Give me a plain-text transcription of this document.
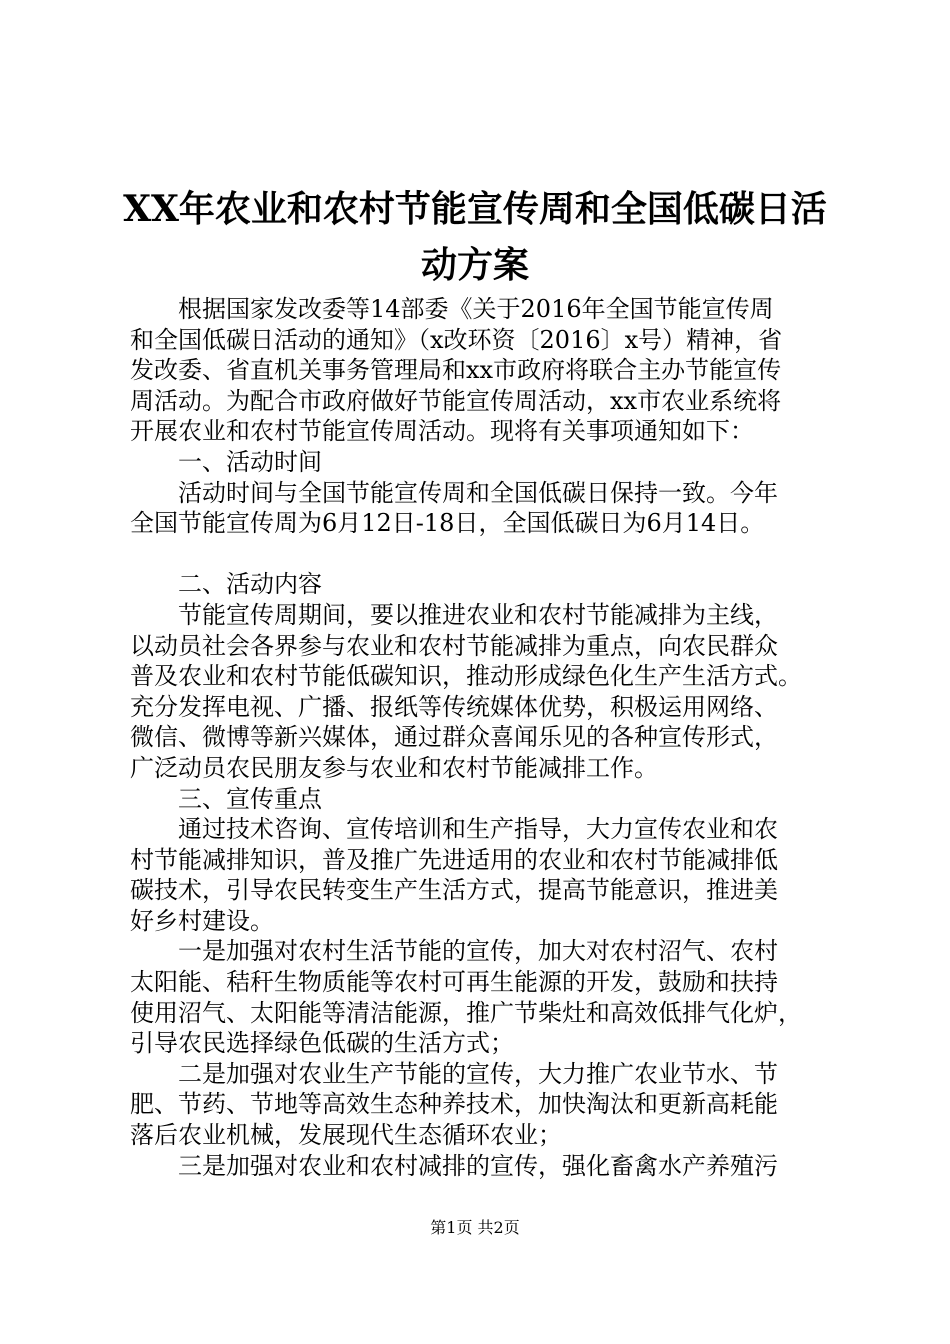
XX年农业和农村节能宣传周和全国低碳日活
动方案
根据国家发改委等14部委《关于2016年全国节能宣传周
和全国低碳日活动的通知》（x改环资〔2016〕x号）精神，省
发改委、省直机关事务管理局和xx市政府将联合主办节能宣传
周活动。为配合市政府做好节能宣传周活动，xx市农业系统将
开展农业和农村节能宣传周活动。现将有关事项通知如下：
一、活动时间
活动时间与全国节能宣传周和全国低碳日保持一致。今年
全国节能宣传周为6月12日-18日，全国低碳日为6月14日。
二、活动内容
节能宣传周期间，要以推进农业和农村节能减排为主线，
以动员社会各界参与农业和农村节能减排为重点，向农民群众
普及农业和农村节能低碳知识，推动形成绿色化生产生活方式。
充分发挥电视、广播、报纸等传统媒体优势，积极运用网络、
微信、微博等新兴媒体，通过群众喜闻乐见的各种宣传形式，
广泛动员农民朋友参与农业和农村节能减排工作。
三、宣传重点
通过技术咨询、宣传培训和生产指导，大力宣传农业和农
村节能减排知识，普及推广先进适用的农业和农村节能减排低
碳技术，引导农民转变生产生活方式，提高节能意识，推进美
好乡村建设。
一是加强对农村生活节能的宣传，加大对农村沼气、农村
太阳能、秸秆生物质能等农村可再生能源的开发，鼓励和扶持
使用沼气、太阳能等清洁能源，推广节柴灶和高效低排气化炉，
引导农民选择绿色低碳的生活方式；
二是加强对农业生产节能的宣传，大力推广农业节水、节
肥、节药、节地等高效生态种养技术，加快淘汰和更新高耗能
落后农业机械，发展现代生态循环农业；
三是加强对农业和农村减排的宣传，强化畜禽水产养殖污
第1页 共2页
